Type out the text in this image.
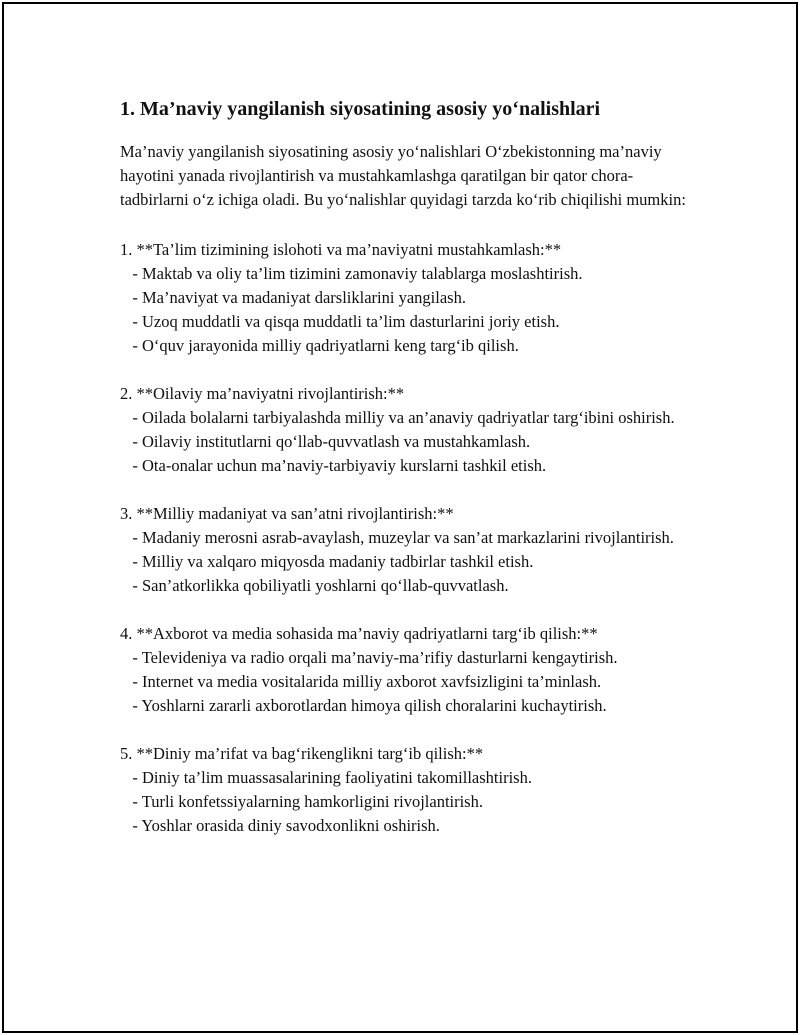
1. Ma’naviy yangilanish siyosatining asosiy yo‘nalishlari

Ma’naviy yangilanish siyosatining asosiy yo‘nalishlari O‘zbekistonning ma’naviy hayotini yanada rivojlantirish va mustahkamlashga qaratilgan bir qator chora-tadbirlarni o‘z ichiga oladi. Bu yo‘nalishlar quyidagi tarzda ko‘rib chiqilishi mumkin:

1. **Ta’lim tizimining islohoti va ma’naviyatni mustahkamlash:**

- Maktab va oliy ta’lim tizimini zamonaviy talablarga moslashtirish.

- Ma’naviyat va madaniyat darsliklarini yangilash.

- Uzoq muddatli va qisqa muddatli ta’lim dasturlarini joriy etish.

- O‘quv jarayonida milliy qadriyatlarni keng targ‘ib qilish.

2. **Oilaviy ma’naviyatni rivojlantirish:**

- Oilada bolalarni tarbiyalashda milliy va an’anaviy qadriyatlar targ‘ibini oshirish.

- Oilaviy institutlarni qo‘llab-quvvatlash va mustahkamlash.

- Ota-onalar uchun ma’naviy-tarbiyaviy kurslarni tashkil etish.

3. **Milliy madaniyat va san’atni rivojlantirish:**

- Madaniy merosni asrab-avaylash, muzeylar va san’at markazlarini rivojlantirish.

- Milliy va xalqaro miqyosda madaniy tadbirlar tashkil etish.

- San’atkorlikka qobiliyatli yoshlarni qo‘llab-quvvatlash.

4. **Axborot va media sohasida ma’naviy qadriyatlarni targ‘ib qilish:**

- Televideniya va radio orqali ma’naviy-ma’rifiy dasturlarni kengaytirish.

- Internet va media vositalarida milliy axborot xavfsizligini ta’minlash.

- Yoshlarni zararli axborotlardan himoya qilish choralarini kuchaytirish.

5. **Diniy ma’rifat va bag‘rikenglikni targ‘ib qilish:**

- Diniy ta’lim muassasalarining faoliyatini takomillashtirish.

- Turli konfetssiyalarning hamkorligini rivojlantirish.

- Yoshlar orasida diniy savodxonlikni oshirish.
